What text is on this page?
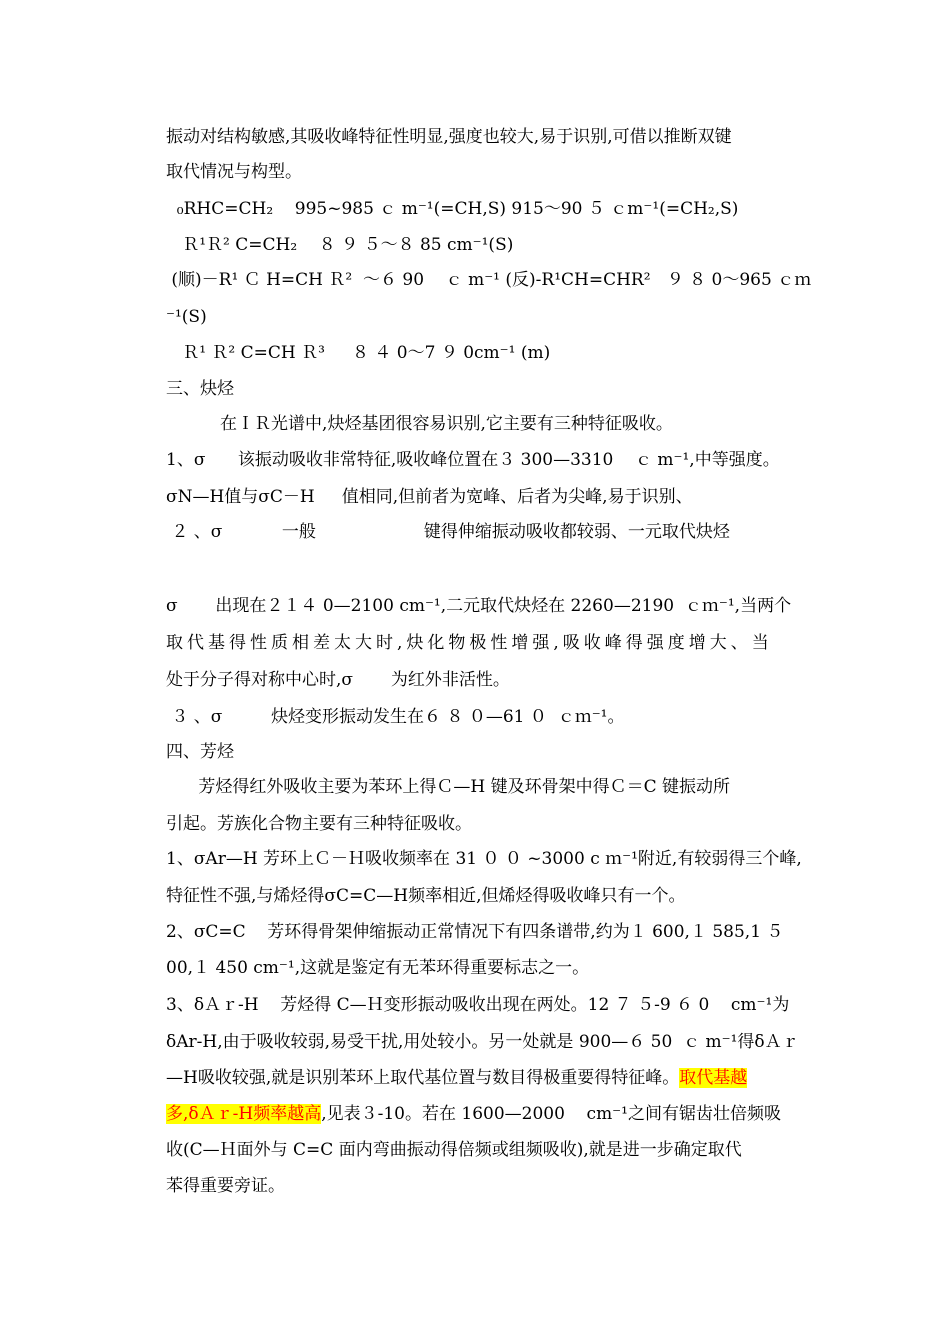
振动对结构敏感,其吸收峰特征性明显,强度也较大,易于识别,可借以推断双键
取代情况与构型。
₀RHC=CH₂    995~985 ｃ m⁻¹(=CH,S) 915～90 ５ ｃm⁻¹(=CH₂,S)
Ｒ¹Ｒ² C=CH₂    ８ ９ ５～８ 85 cm⁻¹(S)
(顺)－R¹ Ｃ H=CH Ｒ²  ～６ 90    ｃ m⁻¹ (反)-R¹CH=CHR²   ９ ８ 0～965 ｃｍ
⁻¹(S)
Ｒ¹ Ｒ² C=CH Ｒ³     ８ ４ 0～7 ９ 0cm⁻¹ (m)
三、炔烃
在ＩＲ光谱中,炔烃基团很容易识别,它主要有三种特征吸收。
1、σ      该振动吸收非常特征,吸收峰位置在３ 300—3310    ｃ m⁻¹,中等强度。
σN—H值与σC－H     值相同,但前者为宽峰、后者为尖峰,易于识别、
２ 、σ           一般                    键得伸缩振动吸收都较弱、一元取代炔烃
σ       出现在２１４ 0—2100 cm⁻¹,二元取代炔烃在 2260—2190  ｃｍ⁻¹,当两个
取代基得性质相差太大时,炔化物极性增强,吸收峰得强度增大、当
处于分子得对称中心时,σ       为红外非活性。
３ 、σ         炔烃变形振动发生在６ ８ ０—61 ０  ｃｍ⁻¹。
四、芳烃
芳烃得红外吸收主要为苯环上得Ｃ—H 键及环骨架中得Ｃ＝C 键振动所
引起。芳族化合物主要有三种特征吸收。
1、σAr—H 芳环上Ｃ－Ｈ吸收频率在 31 ０ ０ ~3000 c ｍ⁻¹附近,有较弱得三个峰,
特征性不强,与烯烃得σC=C—H频率相近,但烯烃得吸收峰只有一个。
2、σC=C    芳环得骨架伸缩振动正常情况下有四条谱带,约为１ 600,１ 585,1 ５
00,１ 450 cm⁻¹,这就是鉴定有无苯环得重要标志之一。
3、δＡｒ-H    芳烃得 C—Ｈ变形振动吸收出现在两处。12 ７ ５-9 ６ 0    cm⁻¹为
δAr-H,由于吸收较弱,易受干扰,用处较小。另一处就是 900—６ 50  ｃ m⁻¹得δＡｒ
—H吸收较强,就是识别苯环上取代基位置与数目得极重要得特征峰。取代基越
多,δＡｒ-H频率越高,见表３-10。若在 1600—2000    cm⁻¹之间有锯齿壮倍频吸
收(C—Ｈ面外与 C=C 面内弯曲振动得倍频或组频吸收),就是进一步确定取代
苯得重要旁证。
